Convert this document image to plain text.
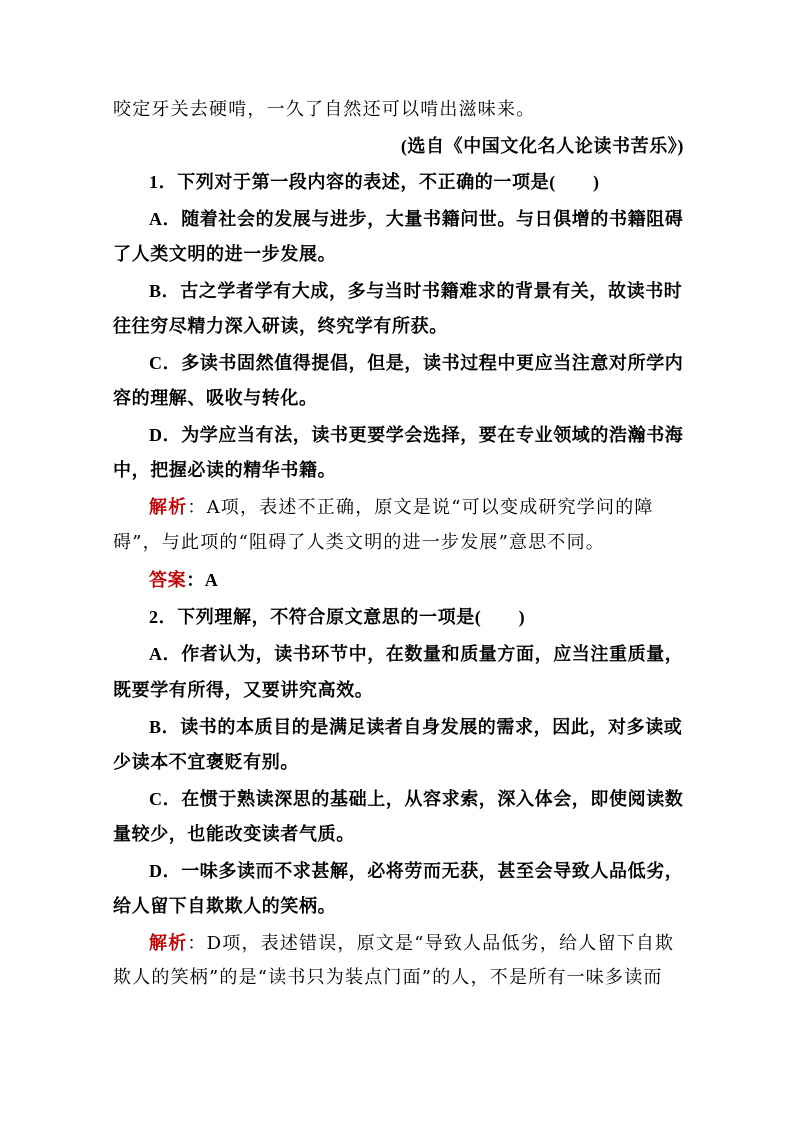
咬定牙关去硬啃，一久了自然还可以啃出滋味来。
(选自《中国文化名人论读书苦乐》)
1．下列对于第一段内容的表述，不正确的一项是(　　)
A．随着社会的发展与进步，大量书籍问世。与日俱增的书籍阻碍
了人类文明的进一步发展。
B．古之学者学有大成，多与当时书籍难求的背景有关，故读书时
往往穷尽精力深入研读，终究学有所获。
C．多读书固然值得提倡，但是，读书过程中更应当注意对所学内
容的理解、吸收与转化。
D．为学应当有法，读书更要学会选择，要在专业领域的浩瀚书海
中，把握必读的精华书籍。
解析：A项，表述不正确，原文是说“可以变成研究学问的障
碍”，与此项的“阻碍了人类文明的进一步发展”意思不同。
答案：A
2．下列理解，不符合原文意思的一项是(　　)
A．作者认为，读书环节中，在数量和质量方面，应当注重质量，
既要学有所得，又要讲究高效。
B．读书的本质目的是满足读者自身发展的需求，因此，对多读或
少读本不宜褒贬有别。
C．在惯于熟读深思的基础上，从容求索，深入体会，即使阅读数
量较少，也能改变读者气质。
D．一味多读而不求甚解，必将劳而无获，甚至会导致人品低劣，
给人留下自欺欺人的笑柄。
解析：D项，表述错误，原文是“导致人品低劣，给人留下自欺
欺人的笑柄”的是“读书只为装点门面”的人，不是所有一味多读而
